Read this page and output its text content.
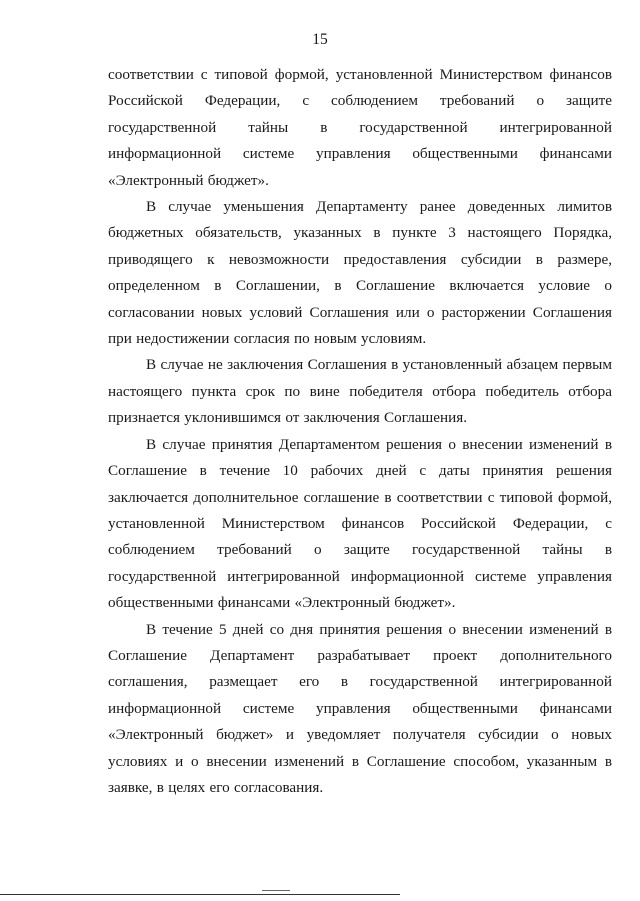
15

соответствии с типовой формой, установленной Министерством финансов Российской Федерации, с соблюдением требований о защите государственной тайны в государственной интегрированной информационной системе управления общественными финансами «Электронный бюджет».

В случае уменьшения Департаменту ранее доведенных лимитов бюджетных обязательств, указанных в пункте 3 настоящего Порядка, приводящего к невозможности предоставления субсидии в размере, определенном в Соглашении, в Соглашение включается условие о согласовании новых условий Соглашения или о расторжении Соглашения при недостижении согласия по новым условиям.

В случае не заключения Соглашения в установленный абзацем первым настоящего пункта срок по вине победителя отбора победитель отбора признается уклонившимся от заключения Соглашения.

В случае принятия Департаментом решения о внесении изменений в Соглашение в течение 10 рабочих дней с даты принятия решения заключается дополнительное соглашение в соответствии с типовой формой, установленной Министерством финансов Российской Федерации, с соблюдением требований о защите государственной тайны в государственной интегрированной информационной системе управления общественными финансами «Электронный бюджет».

В течение 5 дней со дня принятия решения о внесении изменений в Соглашение Департамент разрабатывает проект дополнительного соглашения, размещает его в государственной интегрированной информационной системе управления общественными финансами «Электронный бюджет» и уведомляет получателя субсидии о новых условиях и о внесении изменений в Соглашение способом, указанным в заявке, в целях его согласования.
